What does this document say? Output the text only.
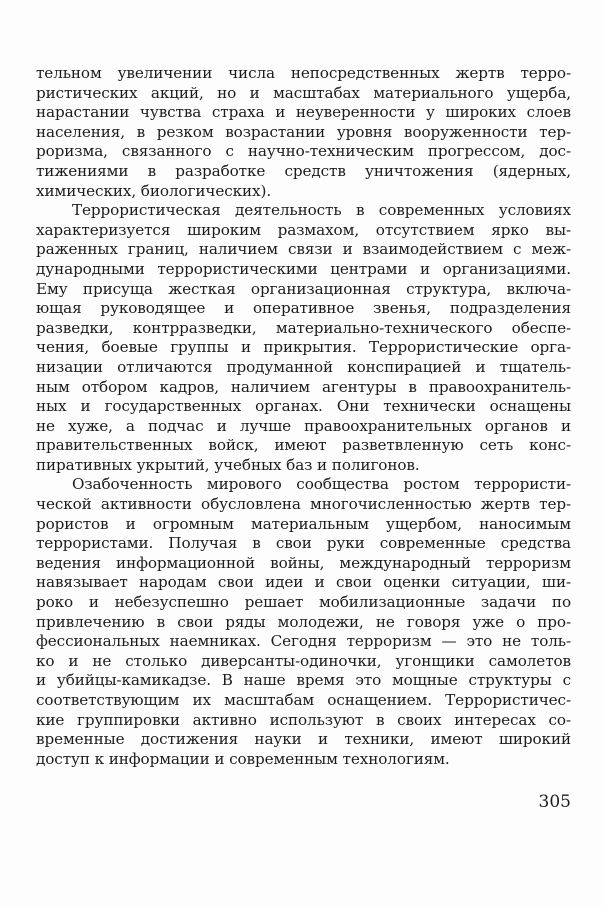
тельном увеличении числа непосредственных жертв терро-
ристических акций, но и масштабах материального ущерба,
нарастании чувства страха и неуверенности у широких слоев
населения, в резком возрастании уровня вооруженности тер-
роризма, связанного с научно-техническим прогрессом, дос-
тижениями в разработке средств уничтожения (ядерных,
химических, биологических).
Террористическая деятельность в современных условиях
характеризуется широким размахом, отсутствием ярко вы-
раженных границ, наличием связи и взаимодействием с меж-
дународными террористическими центрами и организациями.
Ему присуща жесткая организационная структура, включа-
ющая руководящее и оперативное звенья, подразделения
разведки, контрразведки, материально-технического обеспе-
чения, боевые группы и прикрытия. Террористические орга-
низации отличаются продуманной конспирацией и тщатель-
ным отбором кадров, наличием агентуры в правоохранитель-
ных и государственных органах. Они технически оснащены
не хуже, а подчас и лучше правоохранительных органов и
правительственных войск, имеют разветвленную сеть конс-
пиративных укрытий, учебных баз и полигонов.
Озабоченность мирового сообщества ростом террористи-
ческой активности обусловлена многочисленностью жертв тер-
рористов и огромным материальным ущербом, наносимым
террористами. Получая в свои руки современные средства
ведения информационной войны, международный терроризм
навязывает народам свои идеи и свои оценки ситуации, ши-
роко и небезуспешно решает мобилизационные задачи по
привлечению в свои ряды молодежи, не говоря уже о про-
фессиональных наемниках. Сегодня терроризм — это не толь-
ко и не столько диверсанты-одиночки, угонщики самолетов
и убийцы-камикадзе. В наше время это мощные структуры с
соответствующим их масштабам оснащением. Террористичес-
кие группировки активно используют в своих интересах со-
временные достижения науки и техники, имеют широкий
доступ к информации и современным технологиям.
305
